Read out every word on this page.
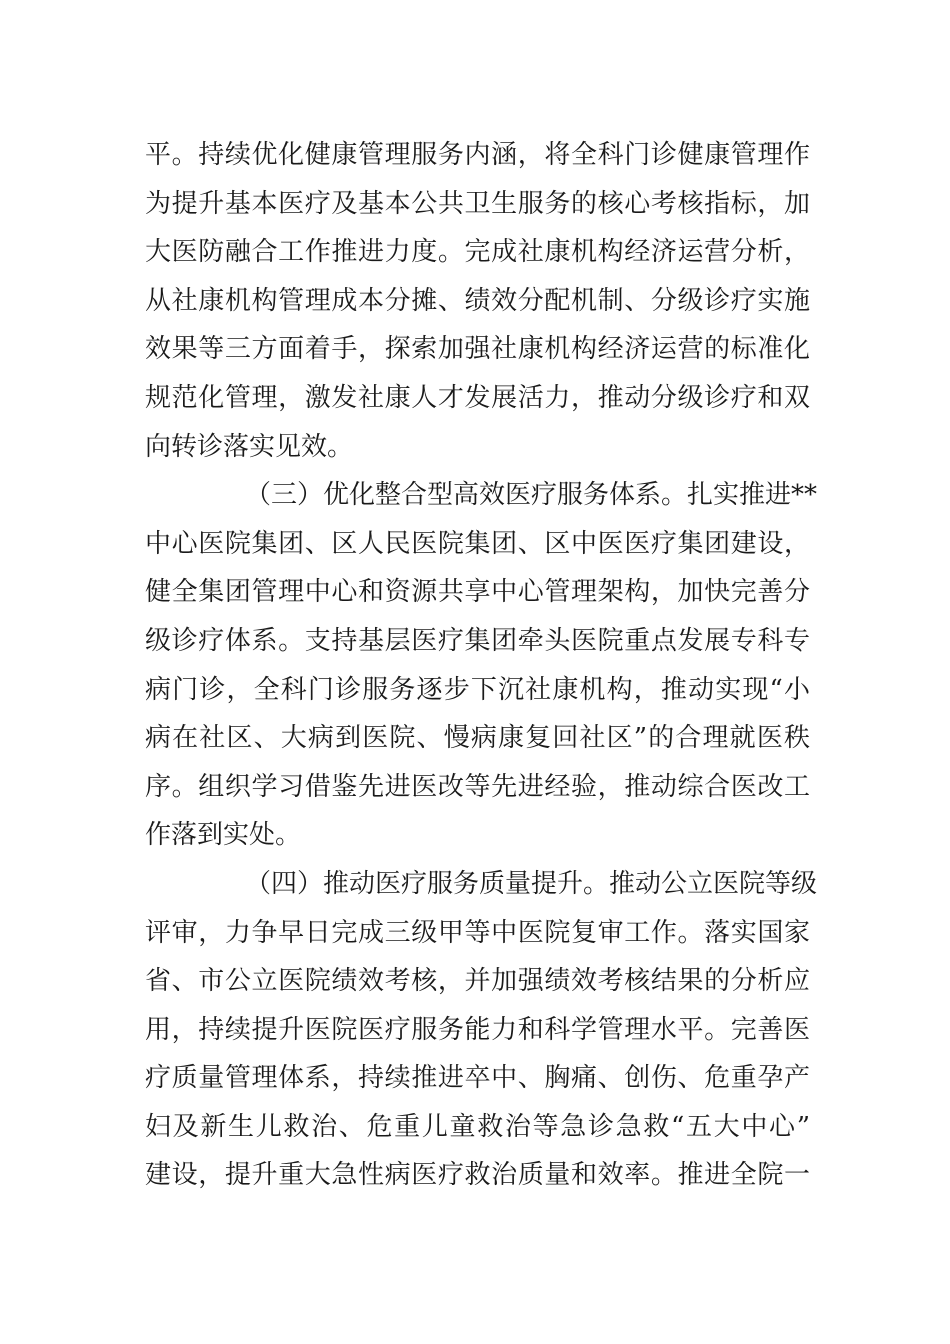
平。持续优化健康管理服务内涵，将全科门诊健康管理作
为提升基本医疗及基本公共卫生服务的核心考核指标，加
大医防融合工作推进力度。完成社康机构经济运营分析，
从社康机构管理成本分摊、绩效分配机制、分级诊疗实施
效果等三方面着手，探索加强社康机构经济运营的标准化
规范化管理，激发社康人才发展活力，推动分级诊疗和双
向转诊落实见效。
（三）优化整合型高效医疗服务体系。扎实推进**
中心医院集团、区人民医院集团、区中医医疗集团建设，
健全集团管理中心和资源共享中心管理架构，加快完善分
级诊疗体系。支持基层医疗集团牵头医院重点发展专科专
病门诊，全科门诊服务逐步下沉社康机构，推动实现“小
病在社区、大病到医院、慢病康复回社区”的合理就医秩
序。组织学习借鉴先进医改等先进经验，推动综合医改工
作落到实处。
（四）推动医疗服务质量提升。推动公立医院等级
评审，力争早日完成三级甲等中医院复审工作。落实国家
省、市公立医院绩效考核，并加强绩效考核结果的分析应
用，持续提升医院医疗服务能力和科学管理水平。完善医
疗质量管理体系，持续推进卒中、胸痛、创伤、危重孕产
妇及新生儿救治、危重儿童救治等急诊急救“五大中心”
建设，提升重大急性病医疗救治质量和效率。推进全院一
